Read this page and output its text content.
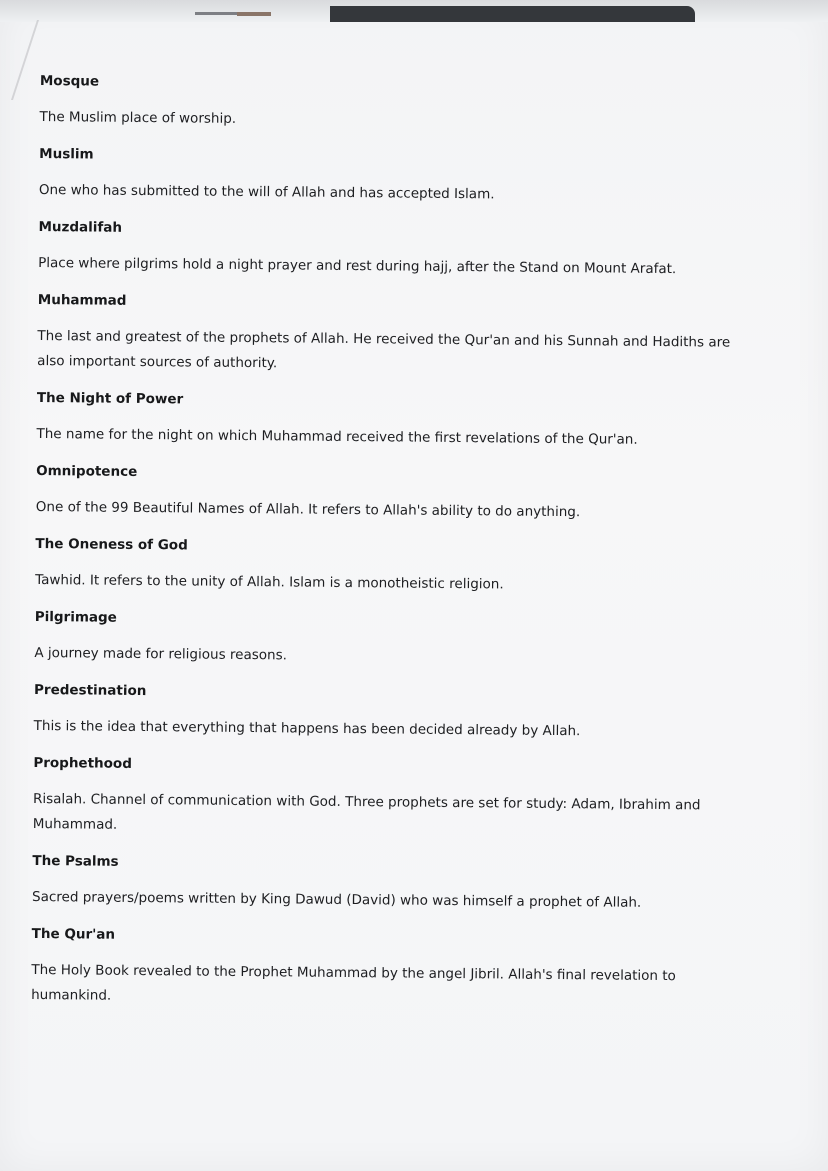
Mosque

The Muslim place of worship.

Muslim

One who has submitted to the will of Allah and has accepted Islam.

Muzdalifah

Place where pilgrims hold a night prayer and rest during hajj, after the Stand on Mount Arafat.

Muhammad

The last and greatest of the prophets of Allah. He received the Qur'an and his Sunnah and Hadiths are also important sources of authority.

The Night of Power

The name for the night on which Muhammad received the first revelations of the Qur'an.

Omnipotence

One of the 99 Beautiful Names of Allah. It refers to Allah's ability to do anything.

The Oneness of God

Tawhid. It refers to the unity of Allah. Islam is a monotheistic religion.

Pilgrimage

A journey made for religious reasons.

Predestination

This is the idea that everything that happens has been decided already by Allah.

Prophethood

Risalah. Channel of communication with God. Three prophets are set for study: Adam, Ibrahim and Muhammad.

The Psalms

Sacred prayers/poems written by King Dawud (David) who was himself a prophet of Allah.

The Qur'an

The Holy Book revealed to the Prophet Muhammad by the angel Jibril. Allah's final revelation to humankind.
